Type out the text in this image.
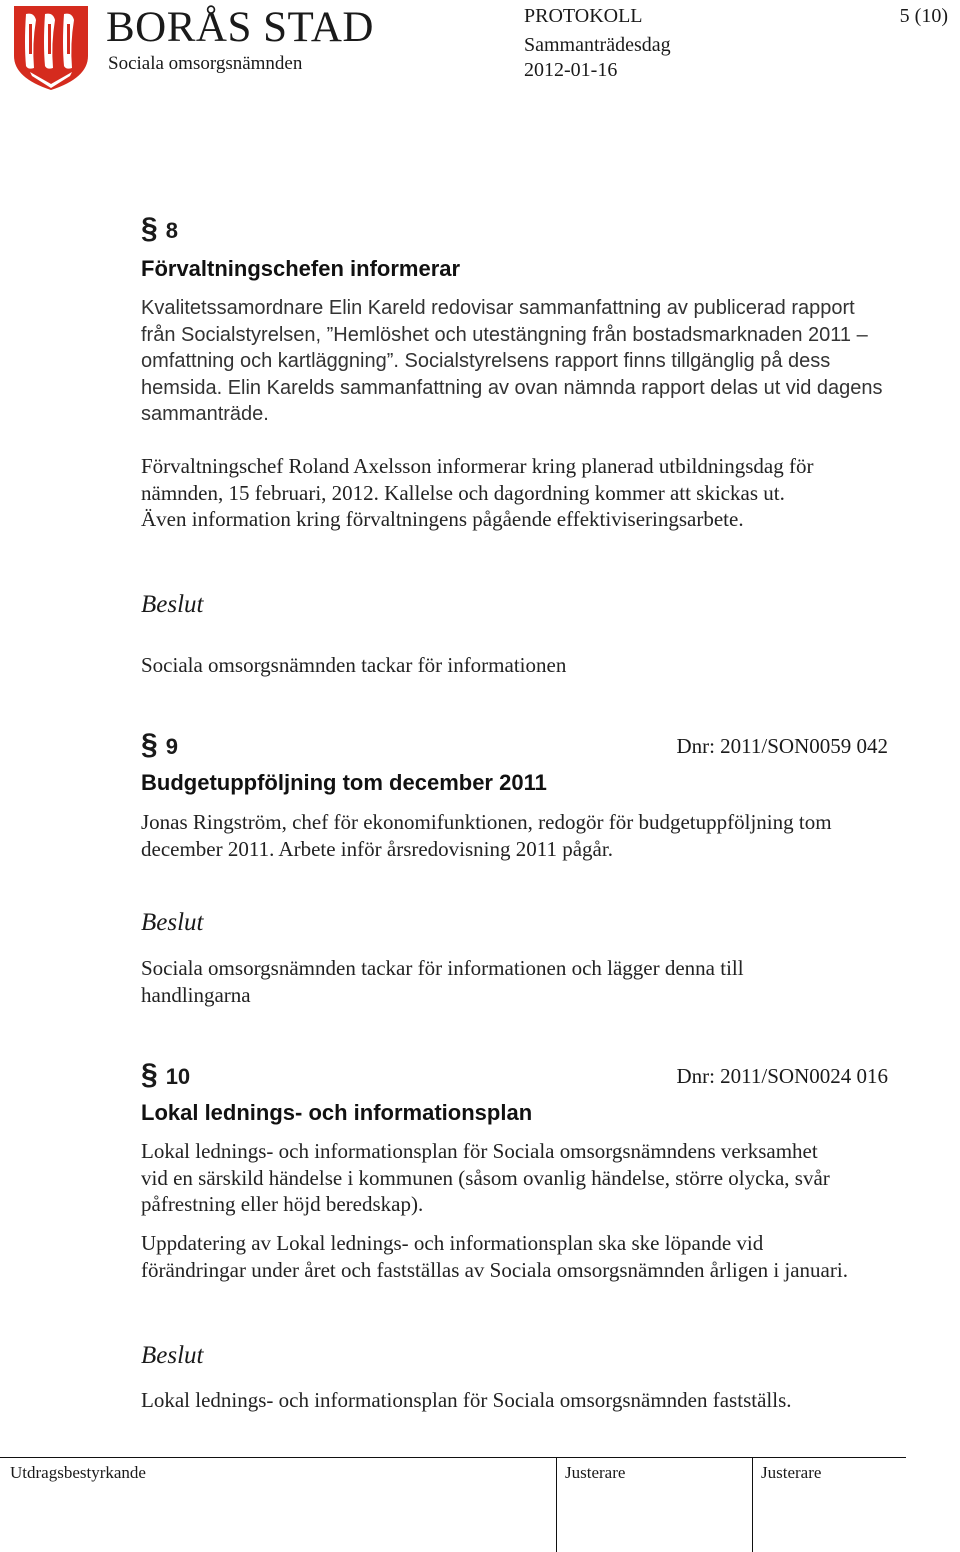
BORÅS STAD
Sociala omsorgsnämnden
PROTOKOLL
Sammanträdesdag
2012-01-16
5 (10)
§ 8
Förvaltningschefen informerar

Kvalitetssamordnare Elin Kareld redovisar sammanfattning av publicerad rapport
från Socialstyrelsen, ”Hemlöshet och utestängning från bostadsmarknaden 2011 –
omfattning och kartläggning”. Socialstyrelsens rapport finns tillgänglig på dess
hemsida. Elin Karelds sammanfattning av ovan nämnda rapport delas ut vid dagens
sammanträde.

Förvaltningschef Roland Axelsson informerar kring planerad utbildningsdag för
nämnden, 15 februari, 2012. Kallelse och dagordning kommer att skickas ut.
Även information kring förvaltningens pågående effektiviseringsarbete.

Beslut

Sociala omsorgsnämnden tackar för informationen

§ 9	Dnr: 2011/SON0059 042
Budgetuppföljning tom december 2011

Jonas Ringström, chef för ekonomifunktionen, redogör för budgetuppföljning tom
december 2011. Arbete inför årsredovisning 2011 pågår.

Beslut

Sociala omsorgsnämnden tackar för informationen och lägger denna till
handlingarna

§ 10	Dnr: 2011/SON0024 016
Lokal lednings- och informationsplan

Lokal lednings- och informationsplan för Sociala omsorgsnämndens verksamhet
vid en särskild händelse i kommunen (såsom ovanlig händelse, större olycka, svår
påfrestning eller höjd beredskap).

Uppdatering av Lokal lednings- och informationsplan ska ske löpande vid
förändringar under året och fastställas av Sociala omsorgsnämnden årligen i januari.

Beslut

Lokal lednings- och informationsplan för Sociala omsorgsnämnden fastställs.

Utdragsbestyrkande	Justerare	Justerare
